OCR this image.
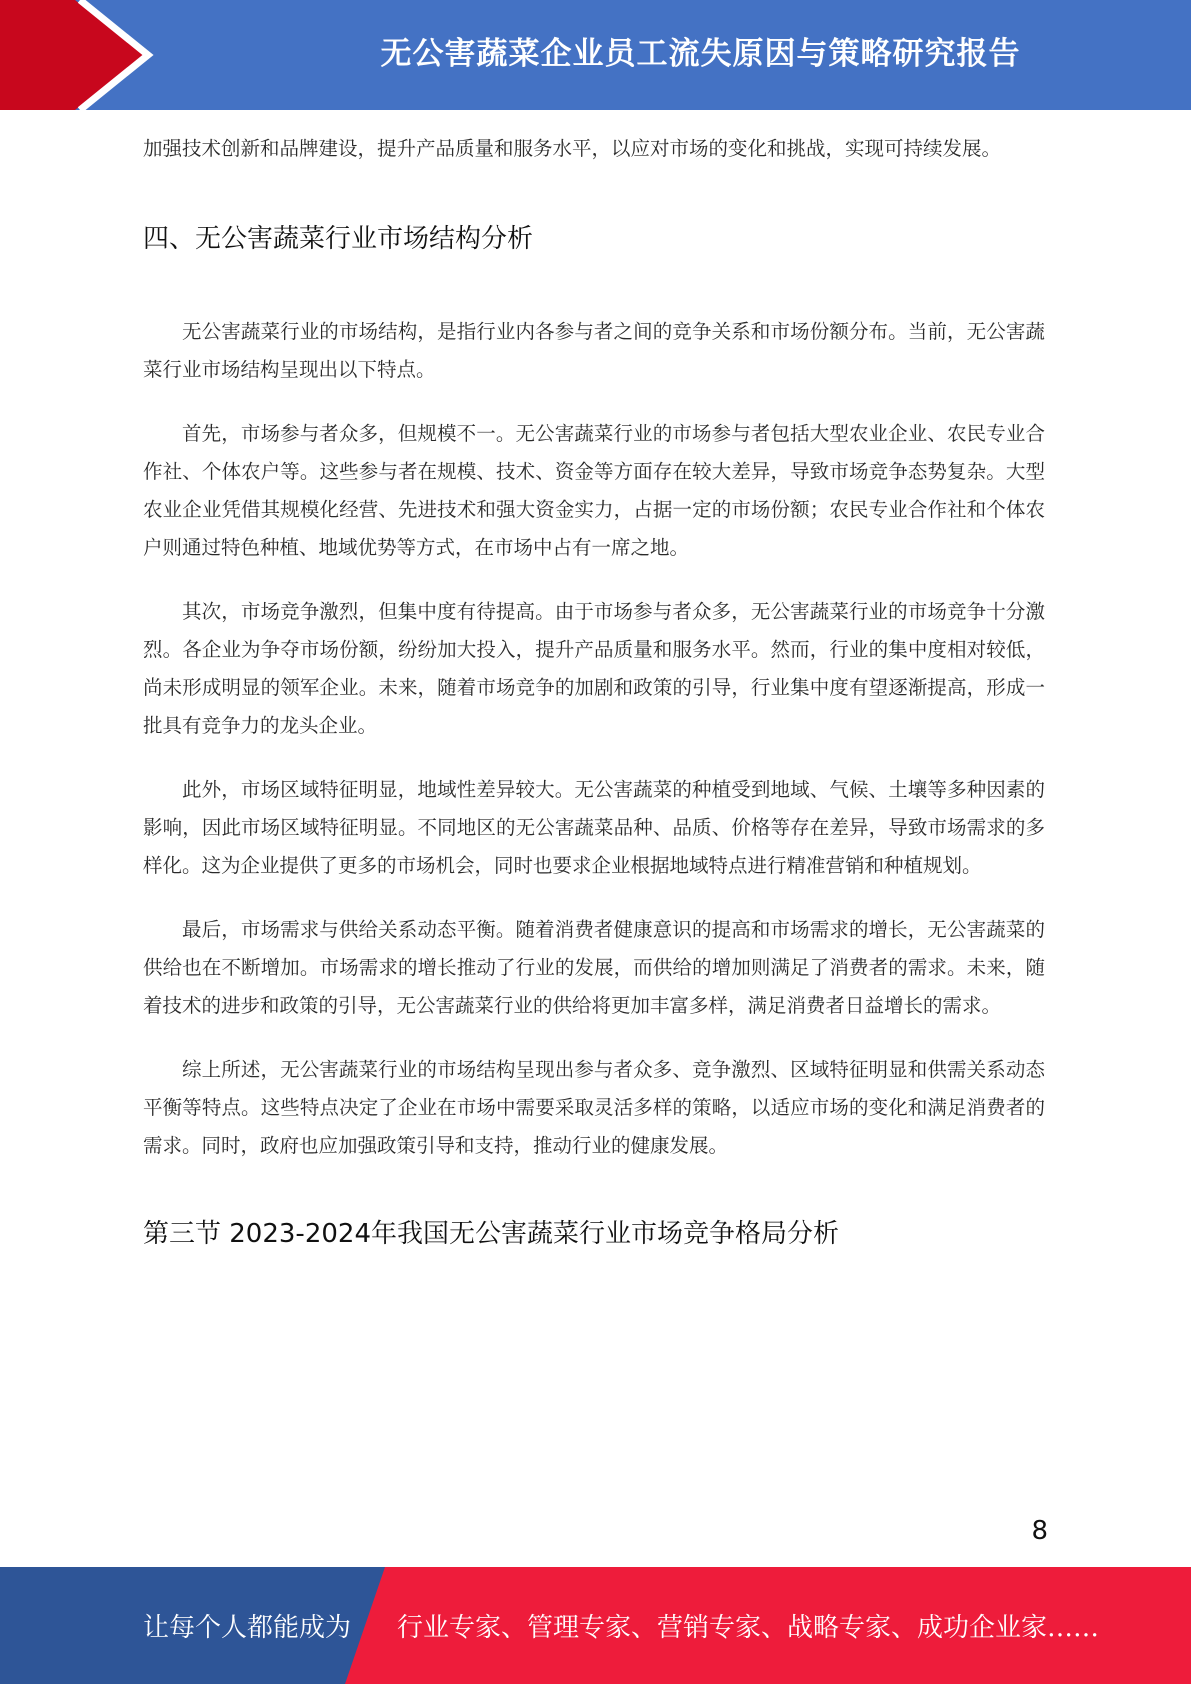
无公害蔬菜企业员工流失原因与策略研究报告

加强技术创新和品牌建设，提升产品质量和服务水平，以应对市场的变化和挑战，实现可持续发展。

四、无公害蔬菜行业市场结构分析

无公害蔬菜行业的市场结构，是指行业内各参与者之间的竞争关系和市场份额分布。当前，无公害蔬菜行业市场结构呈现出以下特点。

首先，市场参与者众多，但规模不一。无公害蔬菜行业的市场参与者包括大型农业企业、农民专业合作社、个体农户等。这些参与者在规模、技术、资金等方面存在较大差异，导致市场竞争态势复杂。大型农业企业凭借其规模化经营、先进技术和强大资金实力，占据一定的市场份额；农民专业合作社和个体农户则通过特色种植、地域优势等方式，在市场中占有一席之地。

其次，市场竞争激烈，但集中度有待提高。由于市场参与者众多，无公害蔬菜行业的市场竞争十分激烈。各企业为争夺市场份额，纷纷加大投入，提升产品质量和服务水平。然而，行业的集中度相对较低，尚未形成明显的领军企业。未来，随着市场竞争的加剧和政策的引导，行业集中度有望逐渐提高，形成一批具有竞争力的龙头企业。

此外，市场区域特征明显，地域性差异较大。无公害蔬菜的种植受到地域、气候、土壤等多种因素的影响，因此市场区域特征明显。不同地区的无公害蔬菜品种、品质、价格等存在差异，导致市场需求的多样化。这为企业提供了更多的市场机会，同时也要求企业根据地域特点进行精准营销和种植规划。

最后，市场需求与供给关系动态平衡。随着消费者健康意识的提高和市场需求的增长，无公害蔬菜的供给也在不断增加。市场需求的增长推动了行业的发展，而供给的增加则满足了消费者的需求。未来，随着技术的进步和政策的引导，无公害蔬菜行业的供给将更加丰富多样，满足消费者日益增长的需求。

综上所述，无公害蔬菜行业的市场结构呈现出参与者众多、竞争激烈、区域特征明显和供需关系动态平衡等特点。这些特点决定了企业在市场中需要采取灵活多样的策略，以适应市场的变化和满足消费者的需求。同时，政府也应加强政策引导和支持，推动行业的健康发展。

第三节 2023-2024年我国无公害蔬菜行业市场竞争格局分析
8
让每个人都能成为 行业专家、管理专家、营销专家、战略专家、成功企业家……
